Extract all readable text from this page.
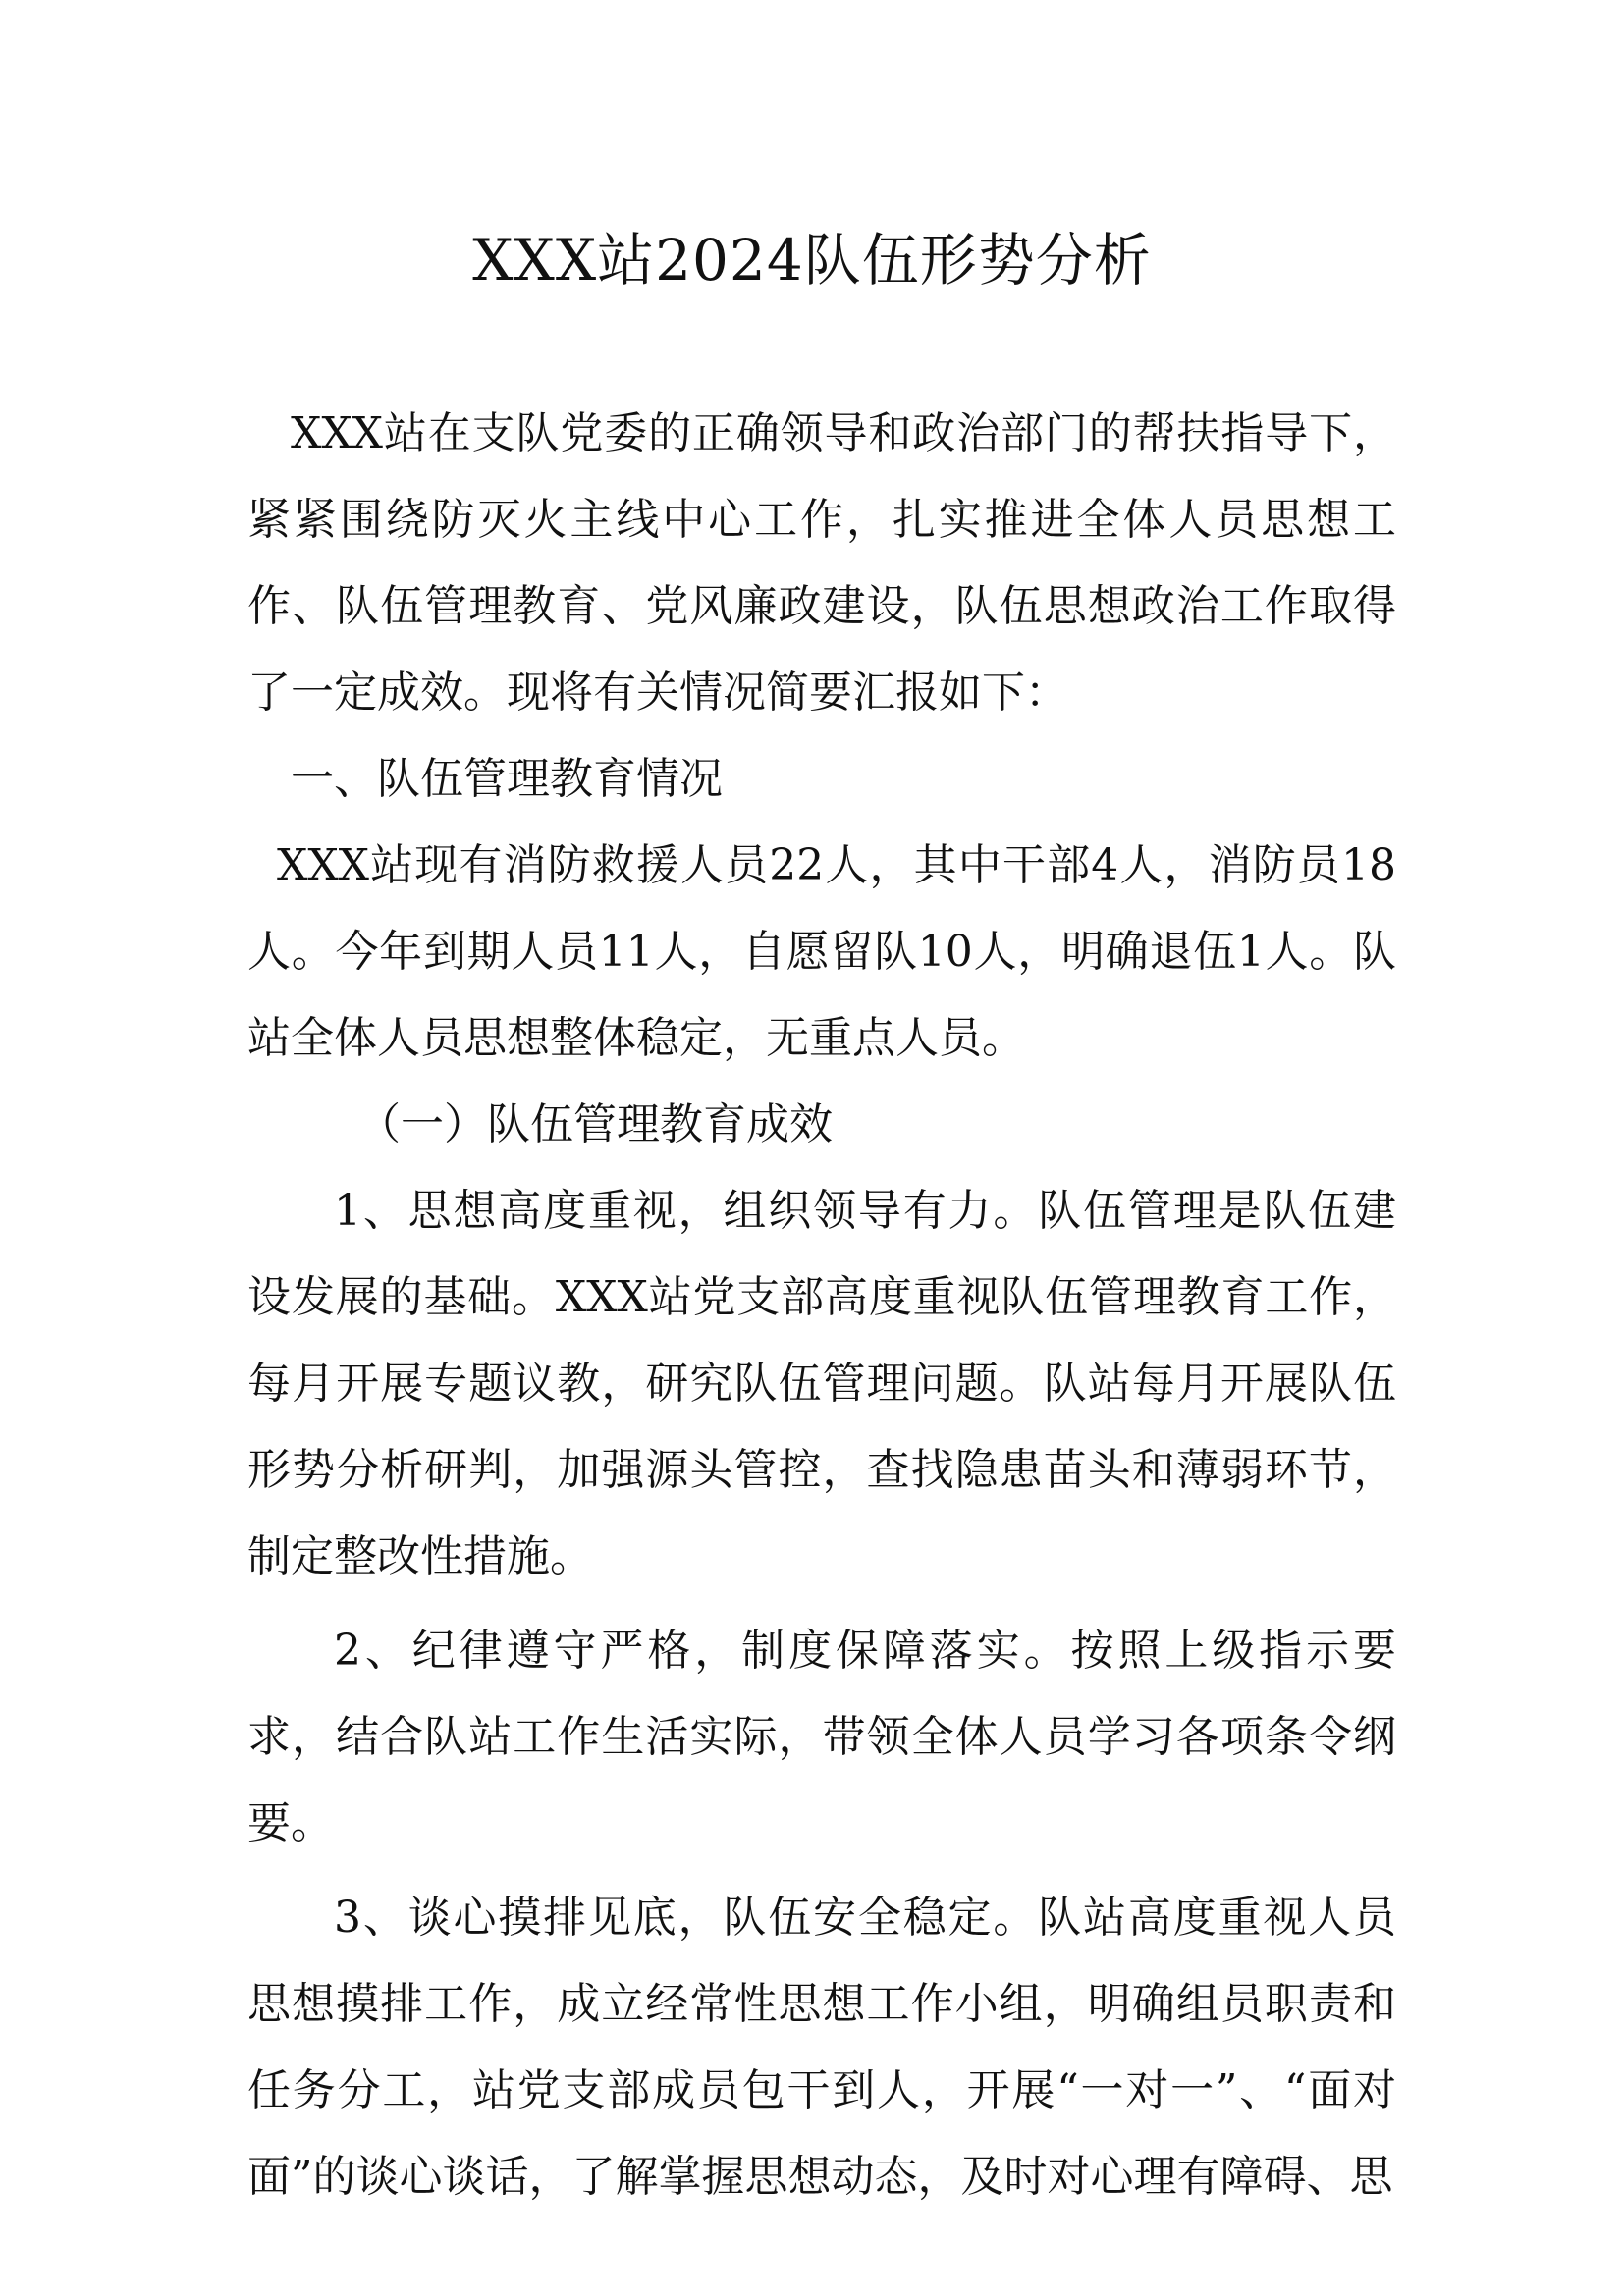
XXX站2024队伍形势分析

XXX站在支队党委的正确领导和政治部门的帮扶指导下，紧紧围绕防灭火主线中心工作，扎实推进全体人员思想工作、队伍管理教育、党风廉政建设，队伍思想政治工作取得了一定成效。现将有关情况简要汇报如下：

一、队伍管理教育情况

XXX站现有消防救援人员22人，其中干部4人，消防员18人。今年到期人员11人，自愿留队10人，明确退伍1人。队站全体人员思想整体稳定，无重点人员。

（一）队伍管理教育成效

1、思想高度重视，组织领导有力。队伍管理是队伍建设发展的基础。XXX站党支部高度重视队伍管理教育工作，每月开展专题议教，研究队伍管理问题。队站每月开展队伍形势分析研判，加强源头管控，查找隐患苗头和薄弱环节，制定整改性措施。

2、纪律遵守严格，制度保障落实。按照上级指示要求，结合队站工作生活实际，带领全体人员学习各项条令纲要。

3、谈心摸排见底，队伍安全稳定。队站高度重视人员思想摸排工作，成立经常性思想工作小组，明确组员职责和任务分工，站党支部成员包干到人，开展“一对一”、“面对面”的谈心谈话，了解掌握思想动态，及时对心理有障碍、思
